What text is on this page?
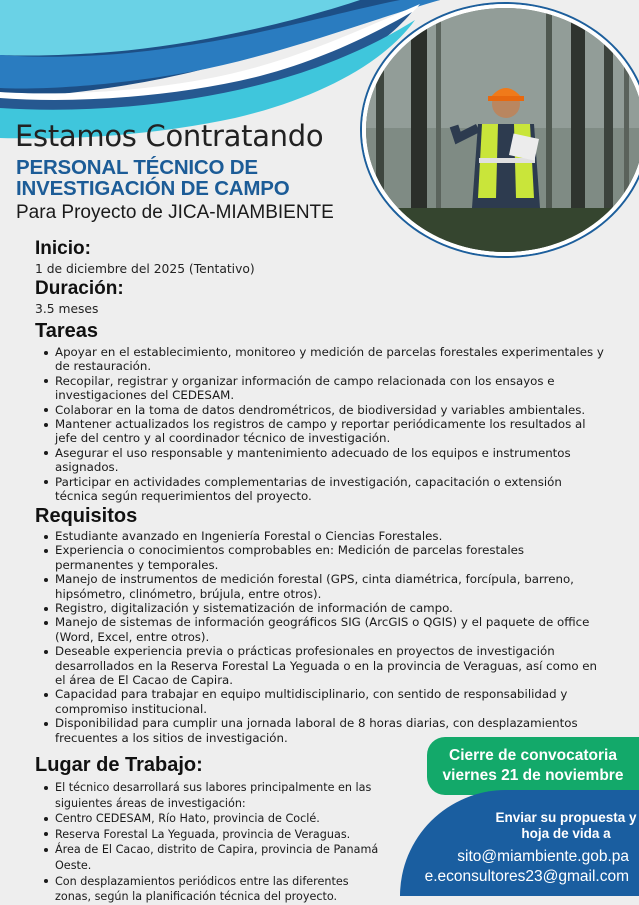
Estamos Contratando
PERSONAL TÉCNICO DE
INVESTIGACIÓN DE CAMPO

Para Proyecto de JICA-MIAMBIENTE

Inicio:

1 de diciembre del 2025 (Tentativo)

Duración:

3.5 meses

Tareas
Apoyar en el establecimiento, monitoreo y medición de parcelas forestales experimentales y de restauración.
Recopilar, registrar y organizar información de campo relacionada con los ensayos e investigaciones del CEDESAM.
Colaborar en la toma de datos dendrométricos, de biodiversidad y variables ambientales.
Mantener actualizados los registros de campo y reportar periódicamente los resultados al jefe del centro y al coordinador técnico de investigación.
Asegurar el uso responsable y mantenimiento adecuado de los equipos e instrumentos asignados.
Participar en actividades complementarias de investigación, capacitación o extensión técnica según requerimientos del proyecto.
Requisitos
Estudiante avanzado en Ingeniería Forestal o Ciencias Forestales.
Experiencia o conocimientos comprobables en: Medición de parcelas forestales permanentes y temporales.
Manejo de instrumentos de medición forestal (GPS, cinta diamétrica, forcípula, barreno, hipsómetro, clinómetro, brújula, entre otros).
Registro, digitalización y sistematización de información de campo.
Manejo de sistemas de información geográficos SIG (ArcGIS o QGIS) y el paquete de office (Word, Excel, entre otros).
Deseable experiencia previa o prácticas profesionales en proyectos de investigación desarrollados en la Reserva Forestal La Yeguada o en la provincia de Veraguas, así como en el área de El Cacao de Capira.
Capacidad para trabajar en equipo multidisciplinario, con sentido de responsabilidad y compromiso institucional.
Disponibilidad para cumplir una jornada laboral de 8 horas diarias, con desplazamientos frecuentes a los sitios de investigación.
Lugar de Trabajo:
El técnico desarrollará sus labores principalmente en las siguientes áreas de investigación:
Centro CEDESAM, Río Hato, provincia de Coclé.
Reserva Forestal La Yeguada, provincia de Veraguas.
Área de El Cacao, distrito de Capira, provincia de Panamá Oeste.
Con desplazamientos periódicos entre las diferentes zonas, según la planificación técnica del proyecto.
Cierre de convocatoria
viernes 21 de noviembre
Enviar su propuesta y
hoja de vida a
sito@miambiente.gob.pa
e.econsultores23@gmail.com
